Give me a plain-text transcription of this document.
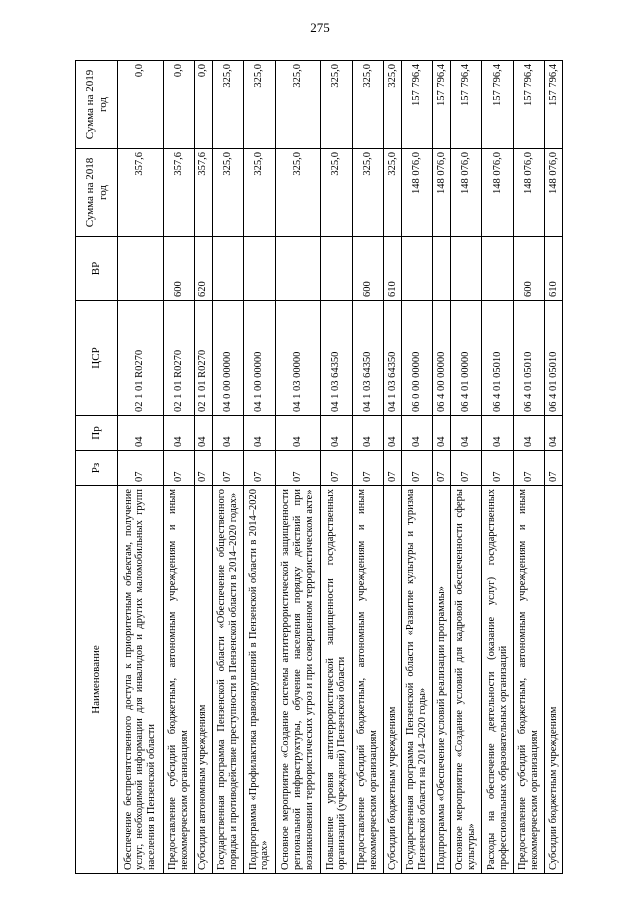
275
Наименование	Рз	Пр	ЦСР	ВР	Сумма на 2018 год	Сумма на 2019 год
Обеспечение беспрепятственного доступа к приоритетным объектам, получение услуг, необходимой информации для инвалидов и других маломобильных групп населения в Пензенской области	07	04	02 1 01 R0270		357,6	0,0
Предоставление субсидий бюджетным, автономным учреждениям и иным некоммерческим организациям	07	04	02 1 01 R0270	600	357,6	0,0
Субсидии автономным учреждениям	07	04	02 1 01 R0270	620	357,6	0,0
Государственная программа Пензенской области «Обеспечение общественного порядка и противодействие преступности в Пензенской области в 2014–2020 годах»	07	04	04 0 00 00000		325,0	325,0
Подпрограмма «Профилактика правонарушений в Пензенской области в 2014–2020 годах»	07	04	04 1 00 00000		325,0	325,0
Основное мероприятие «Создание системы антитеррористической защищенности региональной инфраструктуры, обучение населения порядку действий при возникновении террористических угроз и при совершенном террористическом акте»	07	04	04 1 03 00000		325,0	325,0
Повышение уровня антитеррористической защищенности государственных организаций (учреждений) Пензенской области	07	04	04 1 03 64350		325,0	325,0
Предоставление субсидий бюджетным, автономным учреждениям и иным некоммерческим организациям	07	04	04 1 03 64350	600	325,0	325,0
Субсидии бюджетным учреждениям	07	04	04 1 03 64350	610	325,0	325,0
Государственная программа Пензенской области «Развитие культуры и туризма Пензенской области на 2014–2020 годы»	07	04	06 0 00 00000		148 076,0	157 796,4
Подпрограмма «Обеспечение условий реализации программы»	07	04	06 4 00 00000		148 076,0	157 796,4
Основное мероприятие «Создание условий для кадровой обеспеченности сферы культуры»	07	04	06 4 01 00000		148 076,0	157 796,4
Расходы на обеспечение деятельности (оказание услуг) государственных профессиональных образовательных организаций	07	04	06 4 01 05010		148 076,0	157 796,4
Предоставление субсидий бюджетным, автономным учреждениям и иным некоммерческим организациям	07	04	06 4 01 05010	600	148 076,0	157 796,4
Субсидии бюджетным учреждениям	07	04	06 4 01 05010	610	148 076,0	157 796,4
